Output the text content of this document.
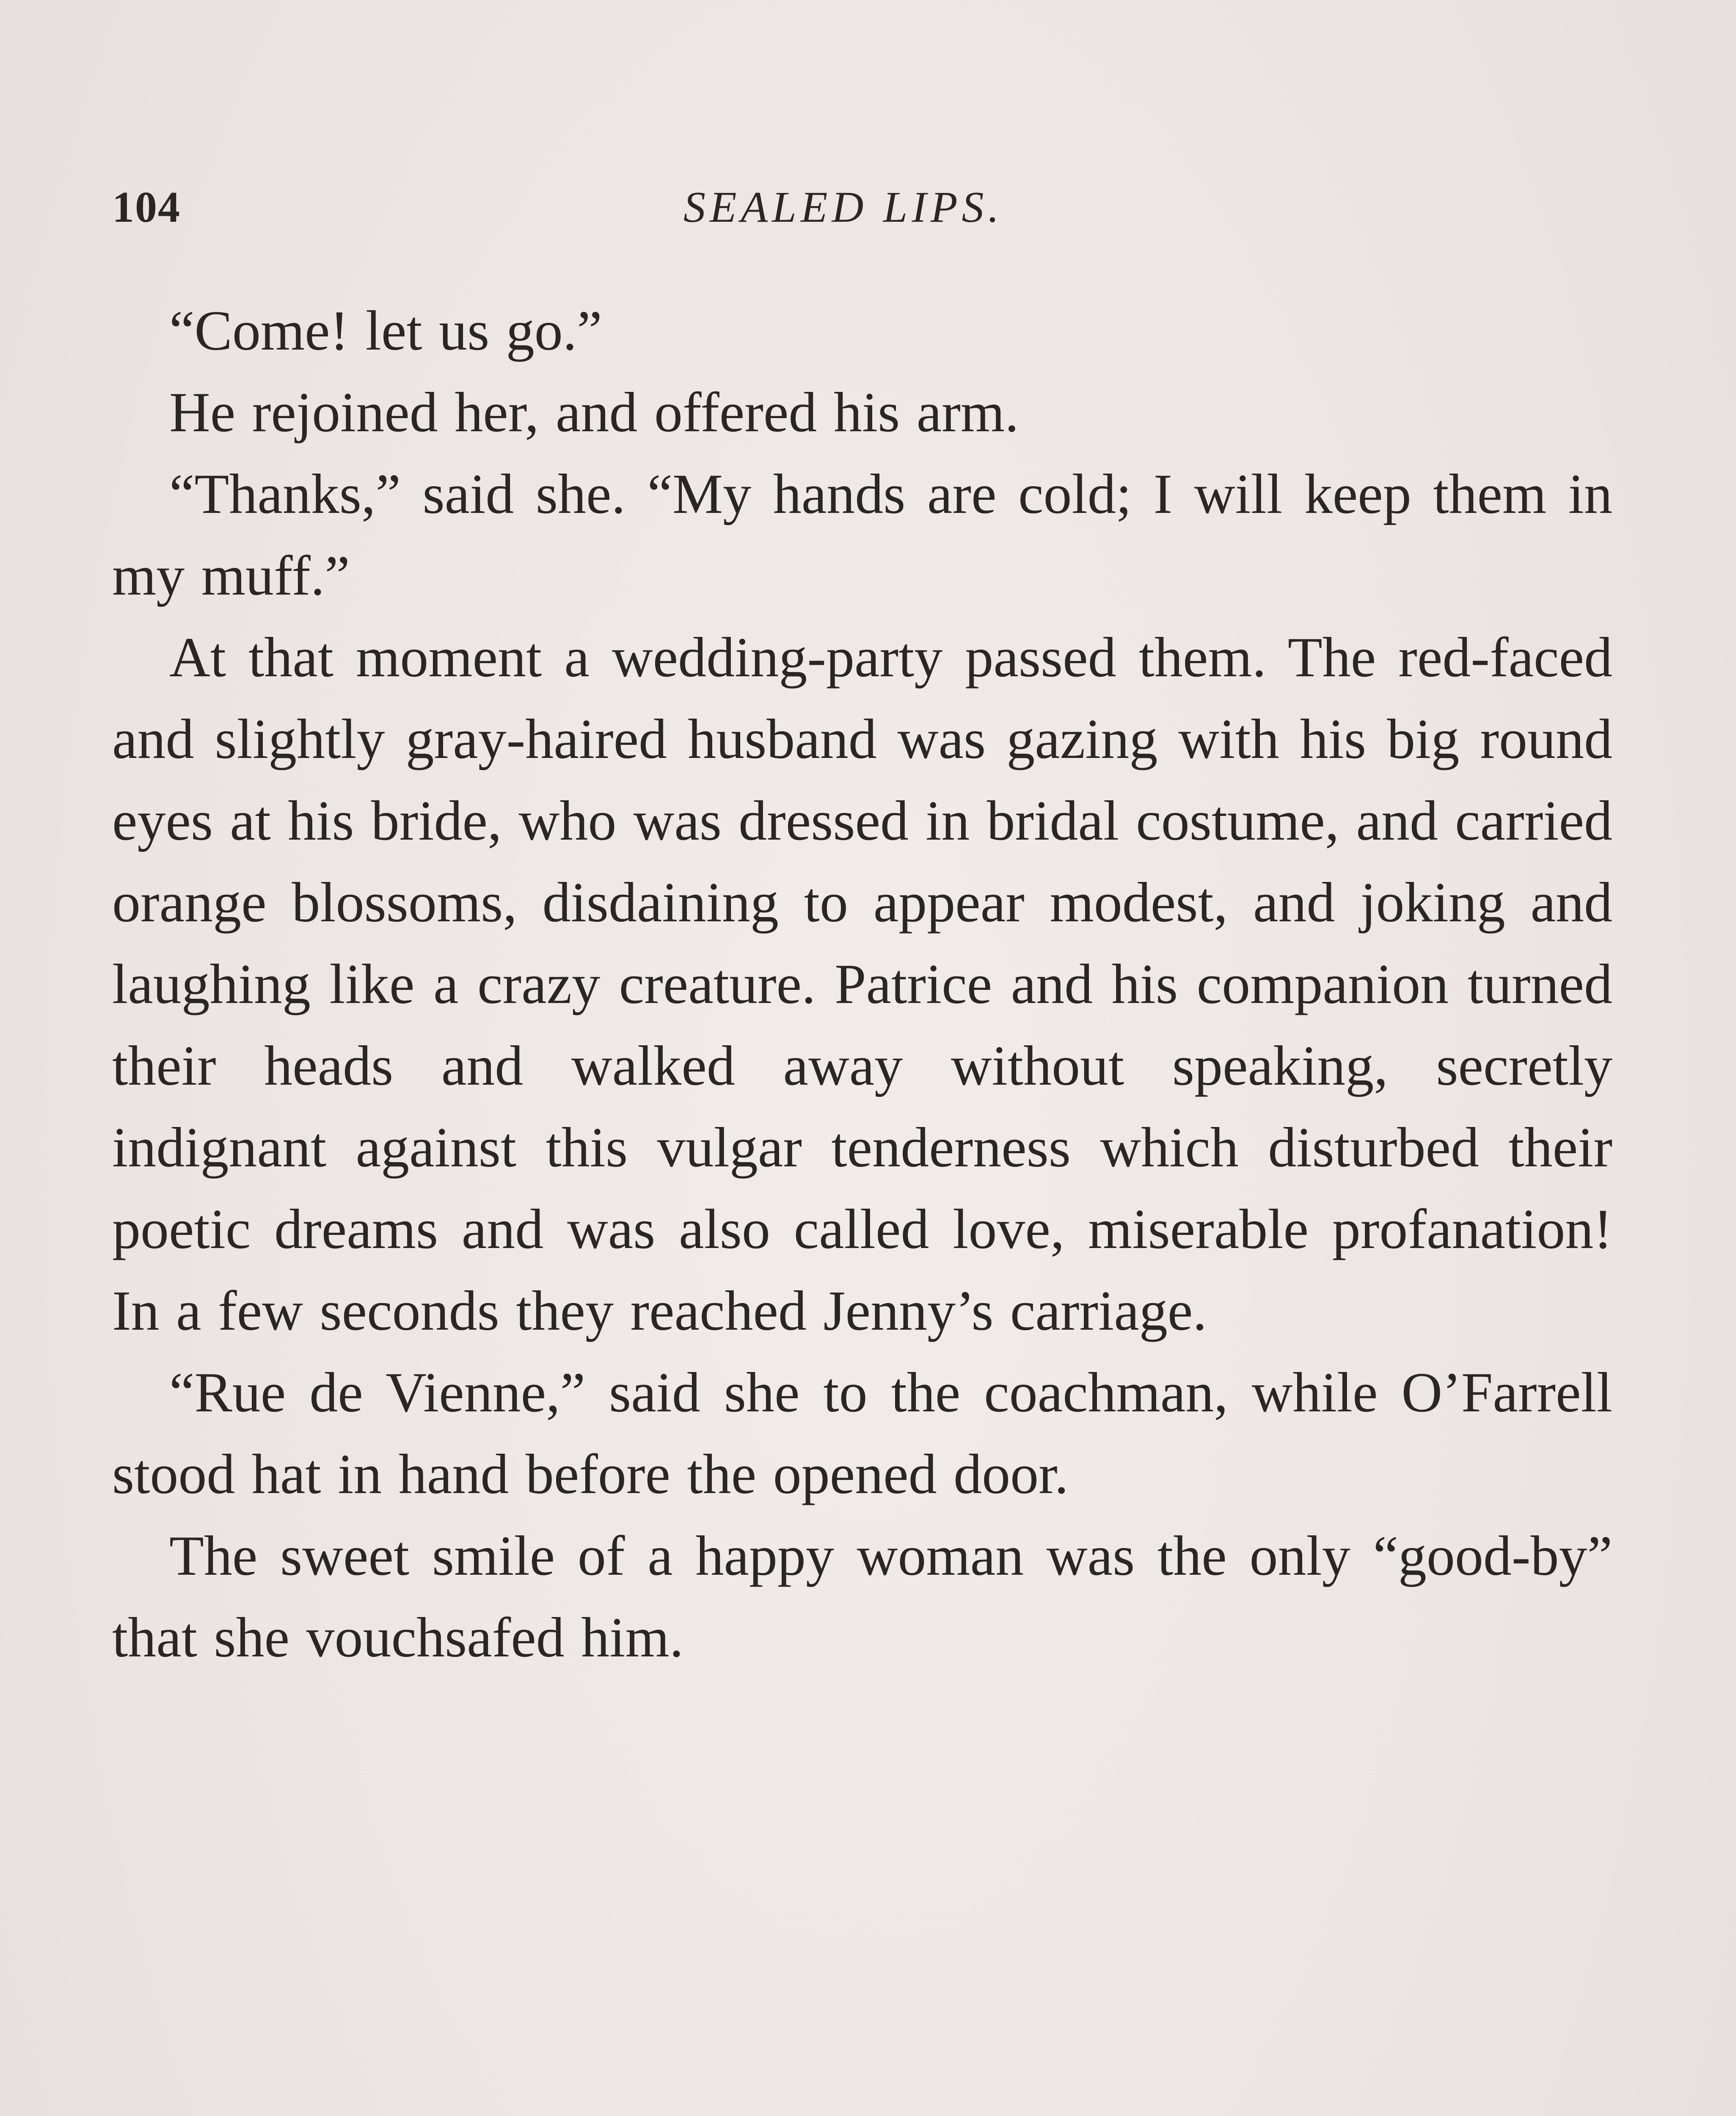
104	SEALED LIPS.

“Come! let us go.”

He rejoined her, and offered his arm.

“Thanks,” said she. “My hands are cold; I will keep them in my muff.”

At that moment a wedding-party passed them. The red-faced and slightly gray-haired husband was gazing with his big round eyes at his bride, who was dressed in bridal costume, and carried orange blossoms, disdaining to appear modest, and joking and laughing like a crazy creature. Patrice and his companion turned their heads and walked away without speaking, secretly indignant against this vulgar tenderness which disturbed their poetic dreams and was also called love, miserable profanation! In a few seconds they reached Jenny’s carriage.

“Rue de Vienne,” said she to the coachman, while O’Farrell stood hat in hand before the opened door.

The sweet smile of a happy woman was the only “good-by” that she vouchsafed him.
